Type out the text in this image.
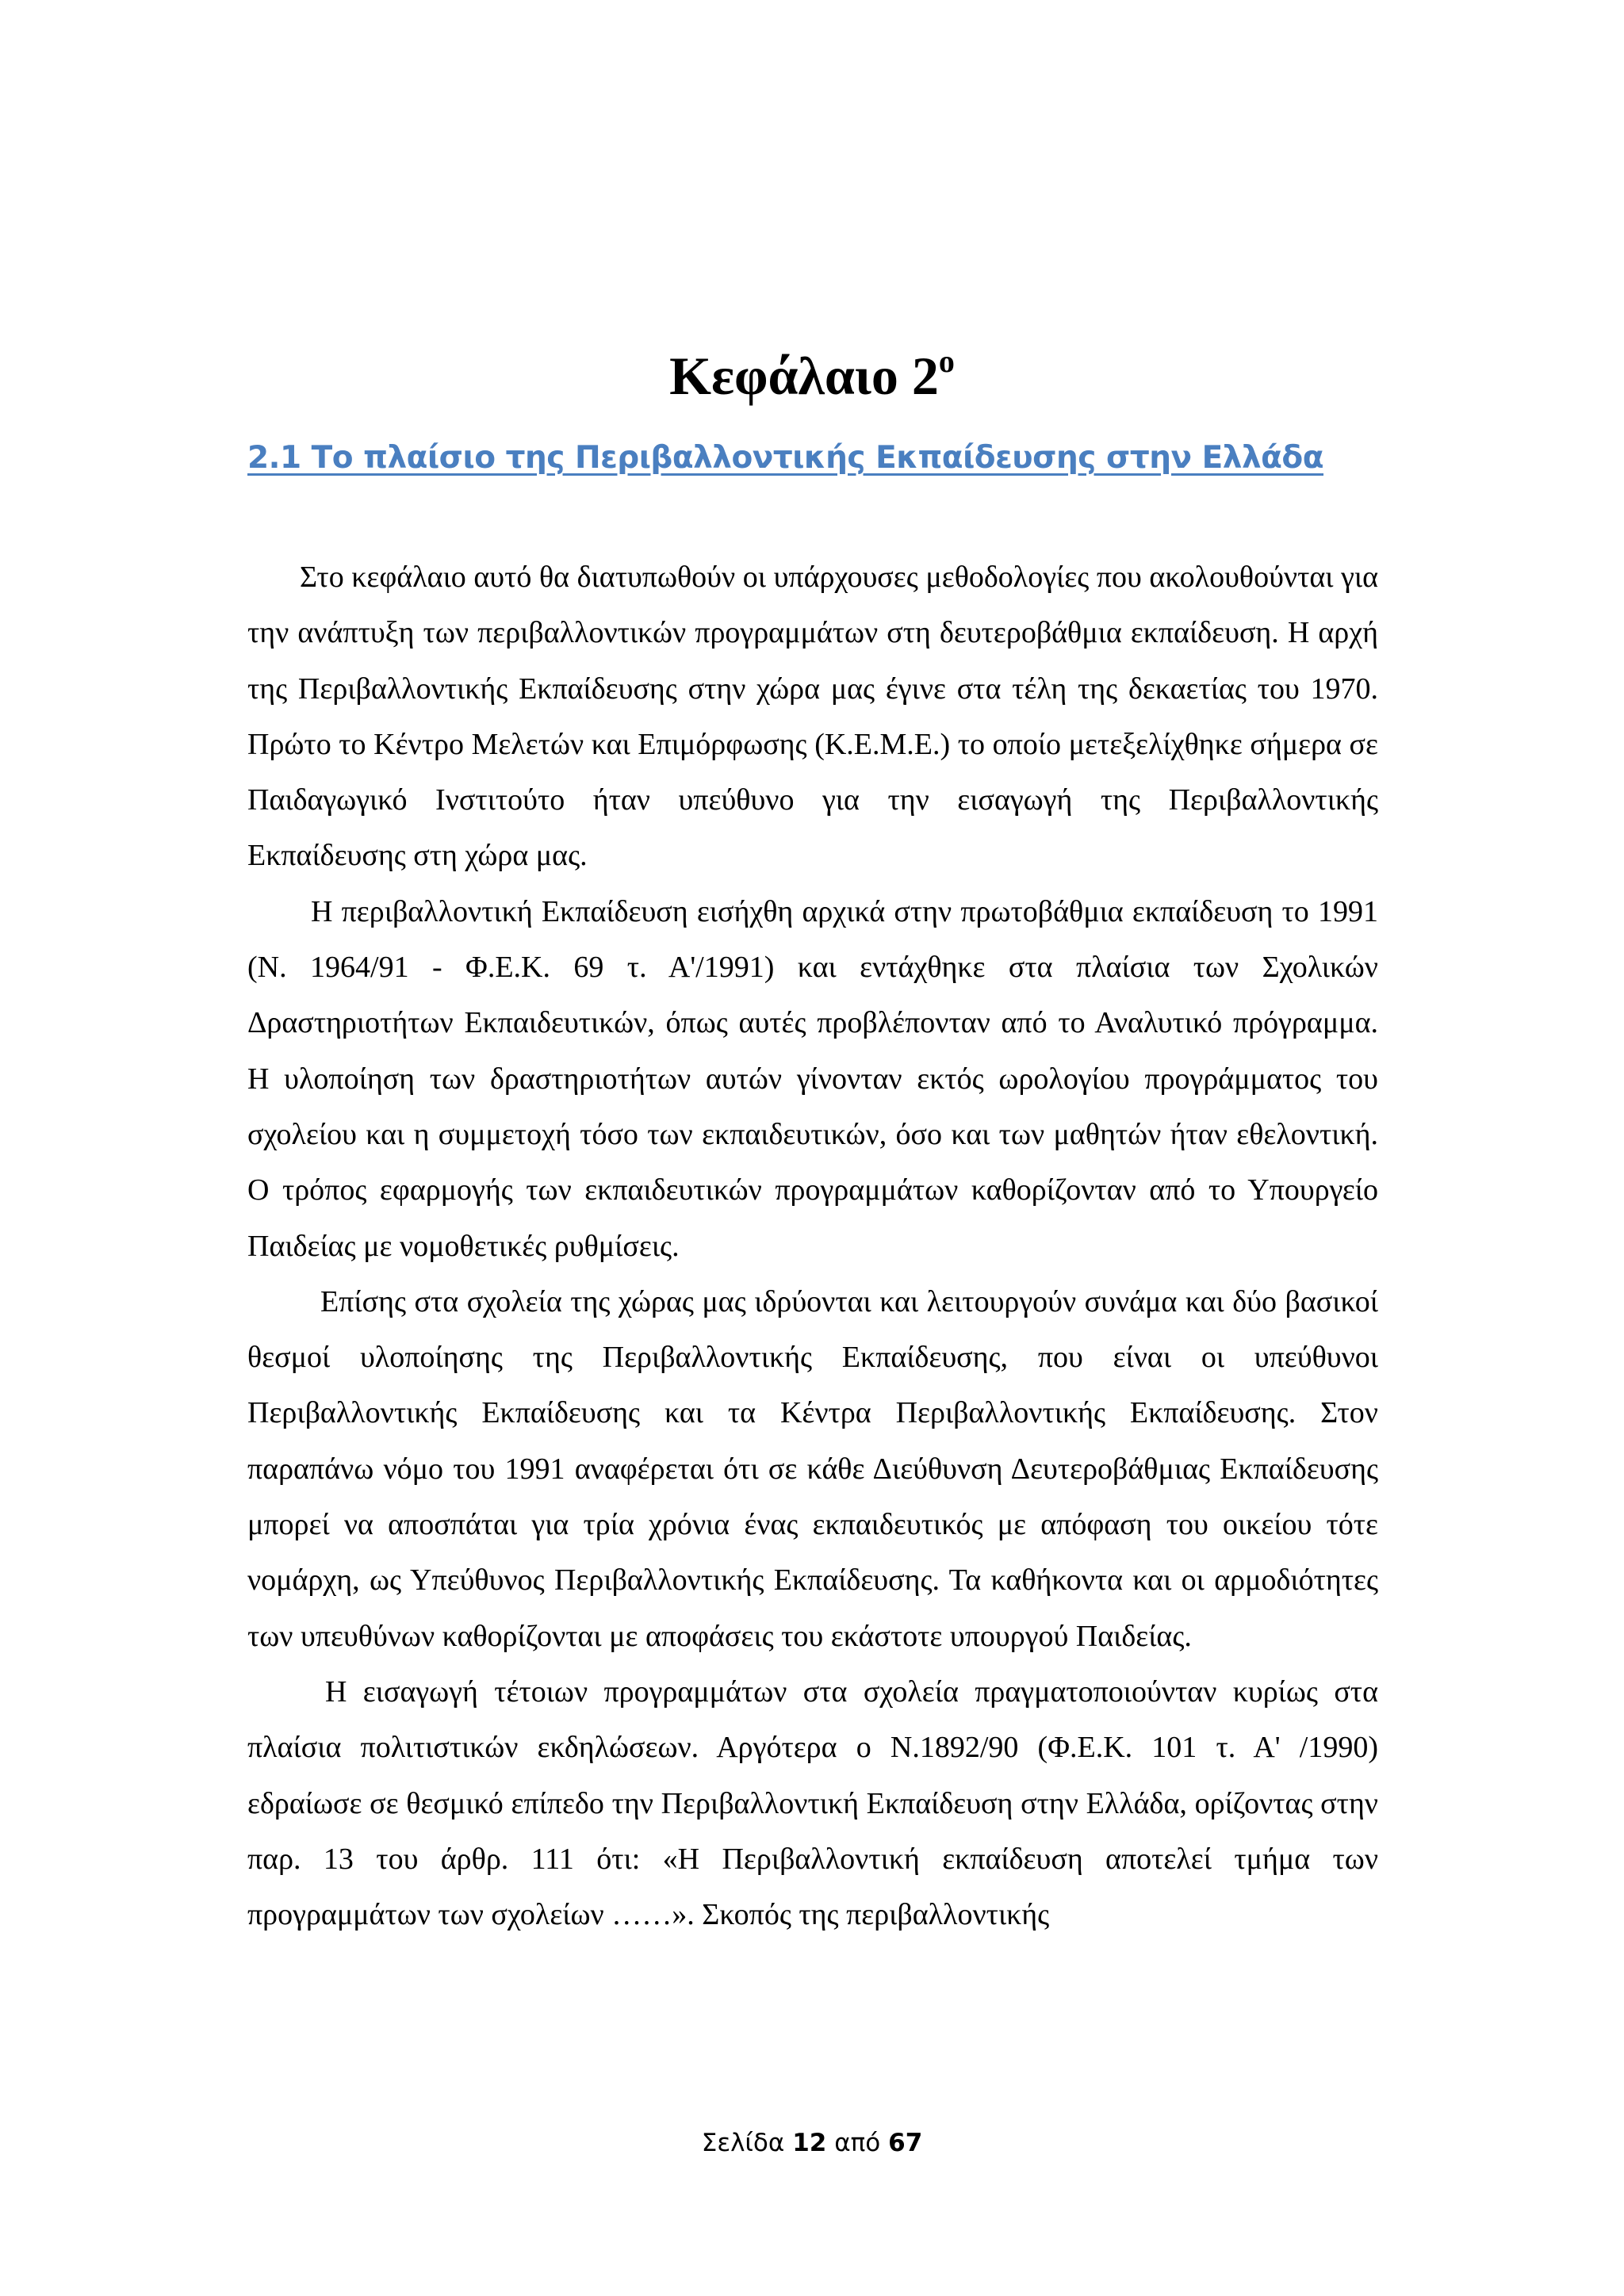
Κεφάλαιο $2^o$
2.1 Το πλαίσιο της Περιβαλλοντικής Εκπαίδευσης στην Ελλάδα

Στο κεφάλαιο αυτό θα διατυπωθούν οι υπάρχουσες μεθοδολογίες που ακολουθούνται για την ανάπτυξη των περιβαλλοντικών προγραμμάτων στη δευτεροβάθμια εκπαίδευση. Η αρχή της Περιβαλλοντικής Εκπαίδευσης στην χώρα μας έγινε στα τέλη της δεκαετίας του 1970. Πρώτο το Κέντρο Μελετών και Επιμόρφωσης (Κ.Ε.Μ.Ε.) το οποίο μετεξελίχθηκε σήμερα σε Παιδαγωγικό Ινστιτούτο ήταν υπεύθυνο για την εισαγωγή της Περιβαλλοντικής Εκπαίδευσης στη χώρα μας.

Η περιβαλλοντική Εκπαίδευση εισήχθη αρχικά στην πρωτοβάθμια εκπαίδευση το 1991 (Ν. 1964/91 - Φ.Ε.Κ. 69 τ. Α'/1991) και εντάχθηκε στα πλαίσια των Σχολικών Δραστηριοτήτων Εκπαιδευτικών, όπως αυτές προβλέπονταν από το Αναλυτικό πρόγραμμα. Η υλοποίηση των δραστηριοτήτων αυτών γίνονταν εκτός ωρολογίου προγράμματος του σχολείου και η συμμετοχή τόσο των εκπαιδευτικών, όσο και των μαθητών ήταν εθελοντική. Ο τρόπος εφαρμογής των εκπαιδευτικών προγραμμάτων καθορίζονταν από το Υπουργείο Παιδείας με νομοθετικές ρυθμίσεις.

Επίσης στα σχολεία της χώρας μας ιδρύονται και λειτουργούν συνάμα και δύο βασικοί θεσμοί υλοποίησης της Περιβαλλοντικής Εκπαίδευσης, που είναι οι υπεύθυνοι Περιβαλλοντικής Εκπαίδευσης και τα Κέντρα Περιβαλλοντικής Εκπαίδευσης. Στον παραπάνω νόμο του 1991 αναφέρεται ότι σε κάθε Διεύθυνση Δευτεροβάθμιας Εκπαίδευσης μπορεί να αποσπάται για τρία χρόνια ένας εκπαιδευτικός με απόφαση του οικείου τότε νομάρχη, ως Υπεύθυνος Περιβαλλοντικής Εκπαίδευσης. Τα καθήκοντα και οι αρμοδιότητες των υπευθύνων καθορίζονται με αποφάσεις του εκάστοτε υπουργού Παιδείας.

Η εισαγωγή τέτοιων προγραμμάτων στα σχολεία πραγματοποιούνταν κυρίως στα πλαίσια πολιτιστικών εκδηλώσεων. Αργότερα ο Ν.1892/90 (Φ.Ε.Κ. 101 τ. Α' /1990) εδραίωσε σε θεσμικό επίπεδο την Περιβαλλοντική Εκπαίδευση στην Ελλάδα, ορίζοντας στην παρ. 13 του άρθρ. 111 ότι: «Η Περιβαλλοντική εκπαίδευση αποτελεί τμήμα των προγραμμάτων των σχολείων ……». Σκοπός της περιβαλλοντικής

Σελίδα 12 από 67
